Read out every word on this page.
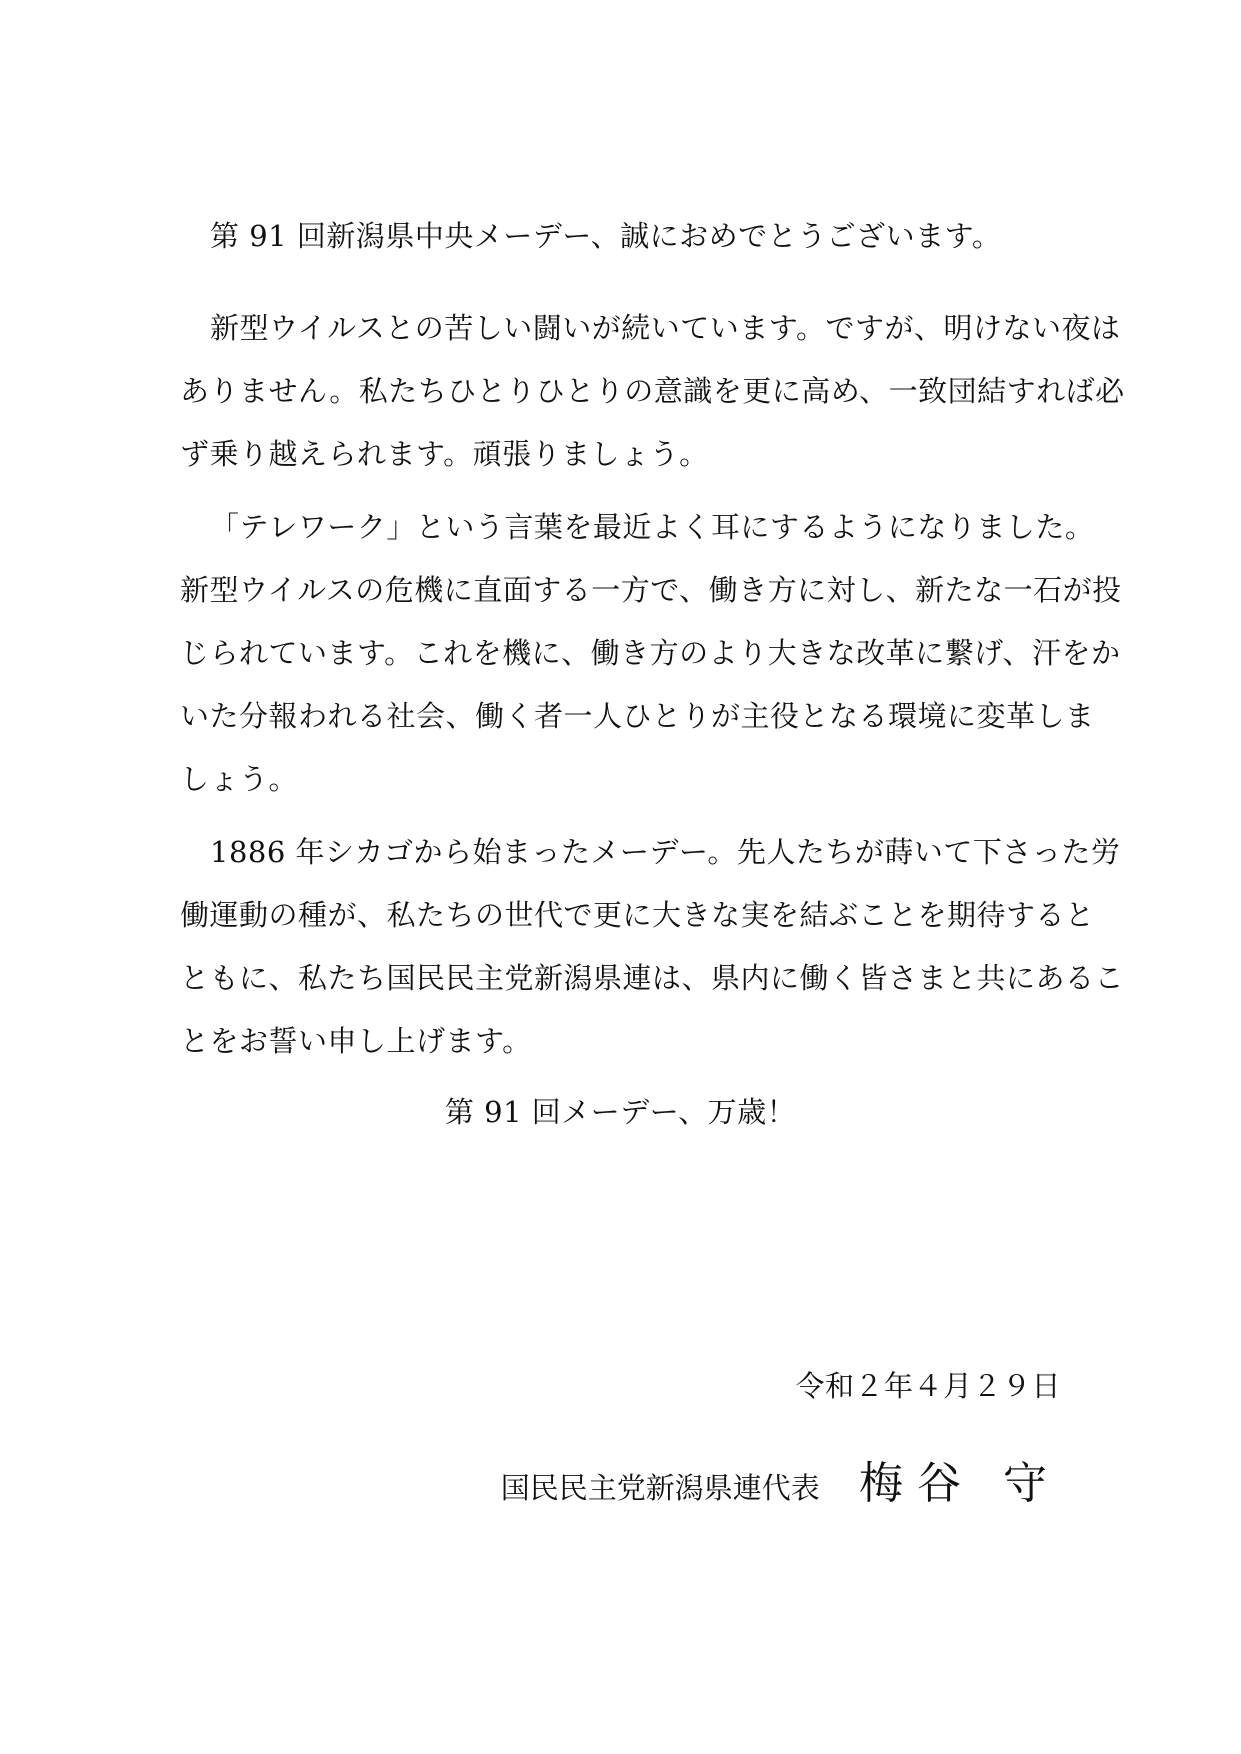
第 91 回新潟県中央メーデー、誠におめでとうございます。
新型ウイルスとの苦しい闘いが続いています。ですが、明けない夜は
ありません。私たちひとりひとりの意識を更に高め、一致団結すれば必
ず乗り越えられます。頑張りましょう。
「テレワーク」という言葉を最近よく耳にするようになりました。
新型ウイルスの危機に直面する一方で、働き方に対し、新たな一石が投
じられています。これを機に、働き方のより大きな改革に繋げ、汗をか
いた分報われる社会、働く者一人ひとりが主役となる環境に変革しま
しょう。
1886 年シカゴから始まったメーデー。先人たちが蒔いて下さった労
働運動の種が、私たちの世代で更に大きな実を結ぶことを期待すると
ともに、私たち国民民主党新潟県連は、県内に働く皆さまと共にあるこ
とをお誓い申し上げます。
第 91 回メーデー、万歳！
令和２年４月２９日
国民民主党新潟県連代表 梅谷 守
